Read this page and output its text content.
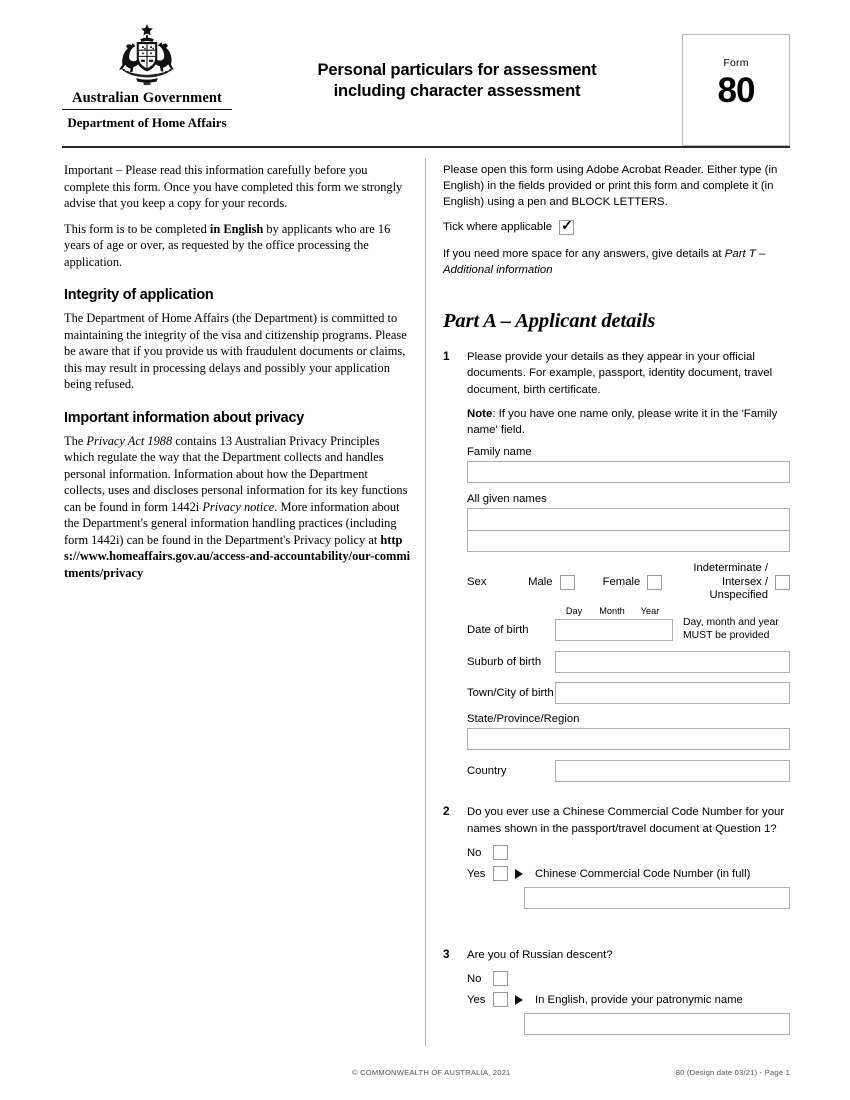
Australian Government
Department of Home Affairs
Personal particulars for assessment
including character assessment
Form
80

Important – Please read this information carefully before you complete this form. Once you have completed this form we strongly advise that you keep a copy for your records.

This form is to be completed in English by applicants who are 16 years of age or over, as requested by the office processing the application.

Integrity of application

The Department of Home Affairs (the Department) is committed to maintaining the integrity of the visa and citizenship programs. Please be aware that if you provide us with fraudulent documents or claims, this may result in processing delays and possibly your application being refused.

Important information about privacy

The Privacy Act 1988 contains 13 Australian Privacy Principles which regulate the way that the Department collects and handles personal information. Information about how the Department collects, uses and discloses personal information for its key functions can be found in form 1442i Privacy notice. More information about the Department's general information handling practices (including form 1442i) can be found in the Department's Privacy policy at https://www.homeaffairs.gov.au/access-and-accountability/our-commitments/privacy

Please open this form using Adobe Acrobat Reader. Either type (in English) in the fields provided or print this form and complete it (in English) using a pen and BLOCK LETTERS.

Tick where applicable
✓

If you need more space for any answers, give details at Part T – Additional information

Part A – Applicant details
1 Please provide your details as they appear in your official documents. For example, passport, identity document, travel document, birth certificate.
Note: If you have one name only, please write it in the 'Family name' field.
Family name
All given names
Sex	Male	Female
Indeterminate /
Intersex / Unspecified
Day	Month	Year
Date of birth
Day, month and year
MUST be provided
Suburb of birth
Town/City of birth
State/Province/Region
Country
2 Do you ever use a Chinese Commercial Code Number for your names shown in the passport/travel document at Question 1?
No
Yes	Chinese Commercial Code Number (in full)
3 Are you of Russian descent?
No
Yes	In English, provide your patronymic name
© COMMONWEALTH OF AUSTRALIA, 2021	80 (Design date 03/21) - Page 1
